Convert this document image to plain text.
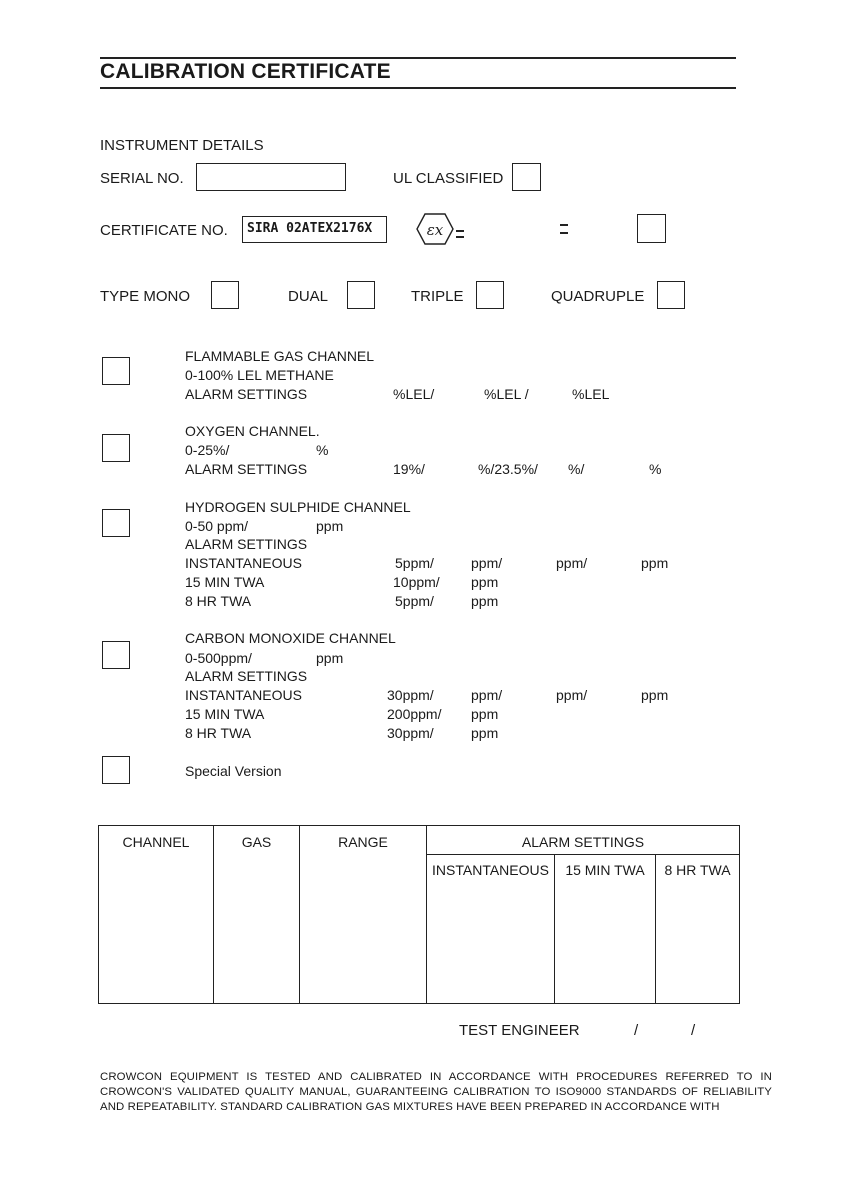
CALIBRATION CERTIFICATE
INSTRUMENT DETAILS
SERIAL NO.	UL CLASSIFIED
CERTIFICATE NO.	SIRA 02ATEX2176X	εx
TYPE MONO	DUAL	TRIPLE	QUADRUPLE
FLAMMABLE GAS CHANNEL
0-100% LEL METHANE
ALARM SETTINGS	%LEL/	%LEL /	%LEL
OXYGEN CHANNEL.
0-25%/	%
ALARM SETTINGS	19%/	%/23.5%/ %/	%
HYDROGEN SULPHIDE CHANNEL
0-50 ppm/	ppm
ALARM SETTINGS
INSTANTANEOUS	5ppm/	ppm/	ppm/	ppm
15 MIN TWA	10ppm/ ppm
8 HR TWA	5ppm/	ppm
CARBON MONOXIDE CHANNEL
0-500ppm/	ppm
ALARM SETTINGS
INSTANTANEOUS	30ppm/	ppm/	ppm/	ppm
15 MIN TWA	200ppm/ ppm
8 HR TWA	30ppm/	ppm
Special Version
CHANNEL	GAS	RANGE	ALARM SETTINGS		

			INSTANTANEOUS	15 MIN TWA	8 HR TWA
TEST ENGINEER	/	/
CROWCON EQUIPMENT IS TESTED AND CALIBRATED IN ACCORDANCE WITH PROCEDURES REFERRED TO IN CROWCON'S VALIDATED QUALITY MANUAL, GUARANTEEING CALIBRATION TO ISO9000 STANDARDS OF RELIABILITY AND REPEATABILITY. STANDARD CALIBRATION GAS MIXTURES HAVE BEEN PREPARED IN ACCORDANCE WITH
